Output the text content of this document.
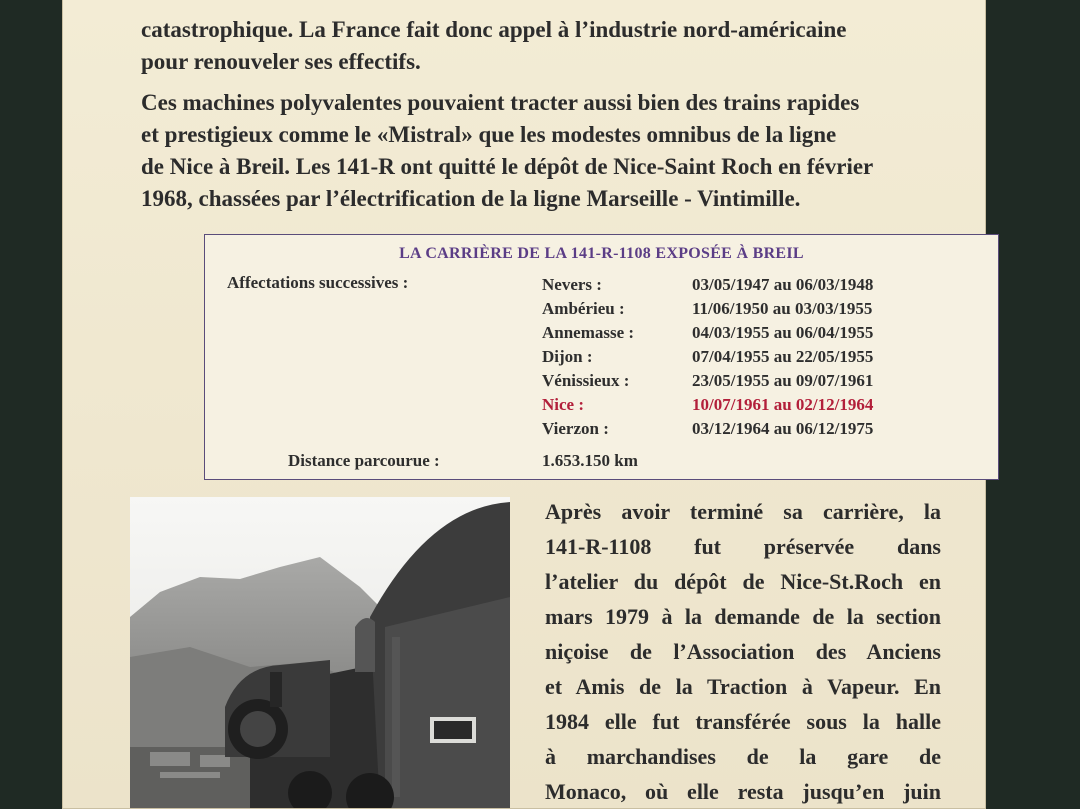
catastrophique. La France fait donc appel à l’industrie nord-américaine

pour renouveler ses effectifs.

Ces machines polyvalentes pouvaient tracter aussi bien des trains rapides

et prestigieux comme le «Mistral» que les modestes omnibus de la ligne

de Nice à Breil. Les 141-R ont quitté le dépôt de Nice-Saint Roch en février

1968, chassées par l’électrification de la ligne Marseille - Vintimille.

LA CARRIÈRE DE LA 141-R-1108 EXPOSÉE À BREIL
Affectations successives :	Nevers :	03/05/1947 au 06/03/1948
Ambérieu :	11/06/1950 au 03/03/1955
Annemasse :	04/03/1955 au 06/04/1955
Dijon :	07/04/1955 au 22/05/1955
Vénissieux :	23/05/1955 au 09/07/1961
Nice :	10/07/1961 au 02/12/1964
Vierzon :	03/12/1964 au 06/12/1975
Distance parcourue :	1.653.150 km
Après avoir terminé sa carrière, la
141-R-1108 fut préservée dans
l’atelier du dépôt de Nice-St.Roch en
mars 1979 à la demande de la section
niçoise de l’Association des Anciens
et Amis de la Traction à Vapeur. En
1984 elle fut transférée sous la halle
à marchandises de la gare de
Monaco, où elle resta jusqu’en juin
